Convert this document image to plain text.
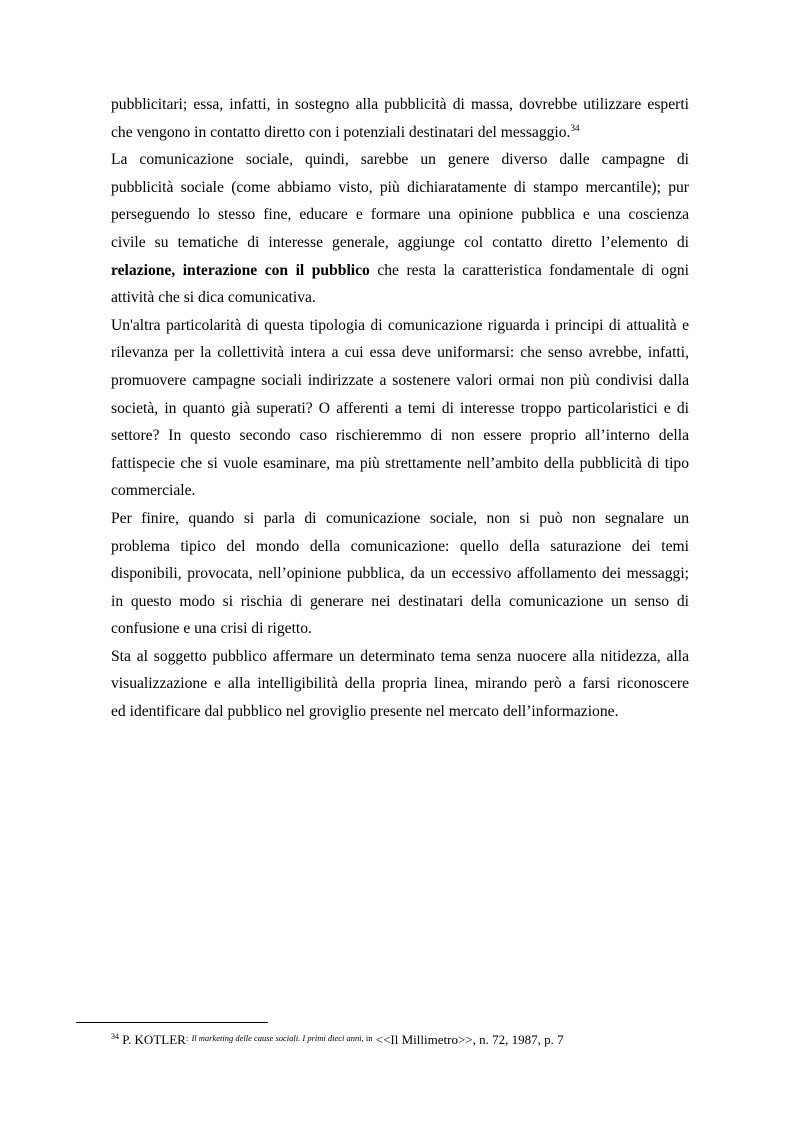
pubblicitari; essa, infatti, in sostegno alla pubblicità di massa, dovrebbe utilizzare esperti
che vengono in contatto diretto con i potenziali destinatari del messaggio.$^{34}$

La comunicazione sociale, quindi, sarebbe un genere diverso dalle campagne di
pubblicità sociale (come abbiamo visto, più dichiaratamente di stampo mercantile); pur
perseguendo lo stesso fine, educare e formare una opinione pubblica e una coscienza
civile su tematiche di interesse generale, aggiunge col contatto diretto l’elemento di
relazione, interazione con il pubblico che resta la caratteristica fondamentale di ogni
attività che si dica comunicativa.

Un'altra particolarità di questa tipologia di comunicazione riguarda i principi di attualità e
rilevanza per la collettività intera a cui essa deve uniformarsi: che senso avrebbe, infatti,
promuovere campagne sociali indirizzate a sostenere valori ormai non più condivisi dalla
società, in quanto già superati? O afferenti a temi di interesse troppo particolaristici e di
settore? In questo secondo caso rischieremmo di non essere proprio all’interno della
fattispecie che si vuole esaminare, ma più strettamente nell’ambito della pubblicità di tipo
commerciale.

Per finire, quando si parla di comunicazione sociale, non si può non segnalare un
problema tipico del mondo della comunicazione: quello della saturazione dei temi
disponibili, provocata, nell’opinione pubblica, da un eccessivo affollamento dei messaggi;
in questo modo si rischia di generare nei destinatari della comunicazione un senso di
confusione e una crisi di rigetto.

Sta al soggetto pubblico affermare un determinato tema senza nuocere alla nitidezza, alla
visualizzazione e alla intelligibilità della propria linea, mirando però a farsi riconoscere
ed identificare dal pubblico nel groviglio presente nel mercato dell’informazione.

$^{34}$ P. KOTLER: $^{Il marketing delle cause sociali. I primi dieci anni, in}$ <<Il Millimetro>>, n. 72, 1987, p. 7
